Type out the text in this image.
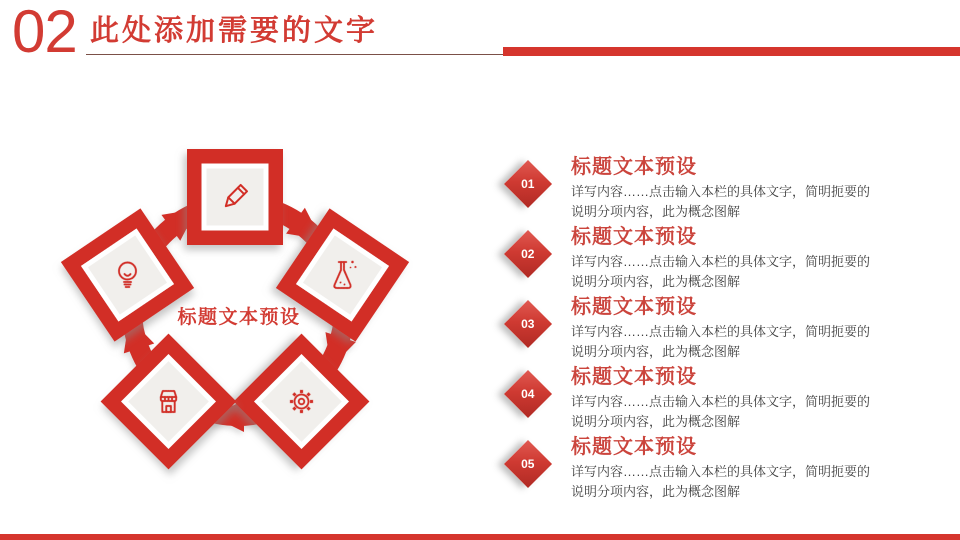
02 此处添加需要的文字
标题文本预设
01
标题文本预设
详写内容……点击输入本栏的具体文字，简明扼要的说明分项内容，此为概念图解
02
标题文本预设
详写内容……点击输入本栏的具体文字，简明扼要的说明分项内容，此为概念图解
03
标题文本预设
详写内容……点击输入本栏的具体文字，简明扼要的说明分项内容，此为概念图解
04
标题文本预设
详写内容……点击输入本栏的具体文字，简明扼要的说明分项内容，此为概念图解
05
标题文本预设
详写内容……点击输入本栏的具体文字，简明扼要的说明分项内容，此为概念图解
